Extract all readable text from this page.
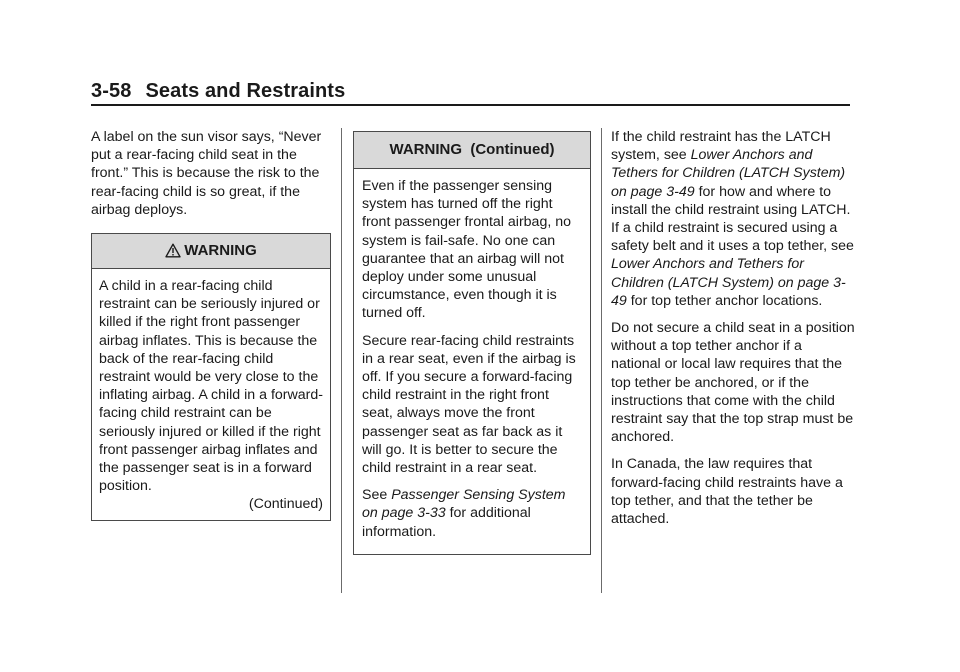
3-58 Seats and Restraints

A label on the sun visor says, “Never put a rear-facing child seat in the front.” This is because the risk to the rear-facing child is so great, if the airbag deploys.

WARNING

A child in a rear-facing child restraint can be seriously injured or killed if the right front passenger airbag inflates. This is because the back of the rear-facing child restraint would be very close to the inflating airbag. A child in a forward-facing child restraint can be seriously injured or killed if the right front passenger airbag inflates and the passenger seat is in a forward position.

(Continued)
WARNING  (Continued)

Even if the passenger sensing system has turned off the right front passenger frontal airbag, no system is fail-safe. No one can guarantee that an airbag will not deploy under some unusual circumstance, even though it is turned off.

Secure rear-facing child restraints in a rear seat, even if the airbag is off. If you secure a forward-facing child restraint in the right front seat, always move the front passenger seat as far back as it will go. It is better to secure the child restraint in a rear seat.

See Passenger Sensing System on page 3-33 for additional information.

If the child restraint has the LATCH system, see Lower Anchors and Tethers for Children (LATCH System) on page 3-49 for how and where to install the child restraint using LATCH. If a child restraint is secured using a safety belt and it uses a top tether, see Lower Anchors and Tethers for Children (LATCH System) on page 3-49 for top tether anchor locations.

Do not secure a child seat in a position without a top tether anchor if a national or local law requires that the top tether be anchored, or if the instructions that come with the child restraint say that the top strap must be anchored.

In Canada, the law requires that forward-facing child restraints have a top tether, and that the tether be attached.
